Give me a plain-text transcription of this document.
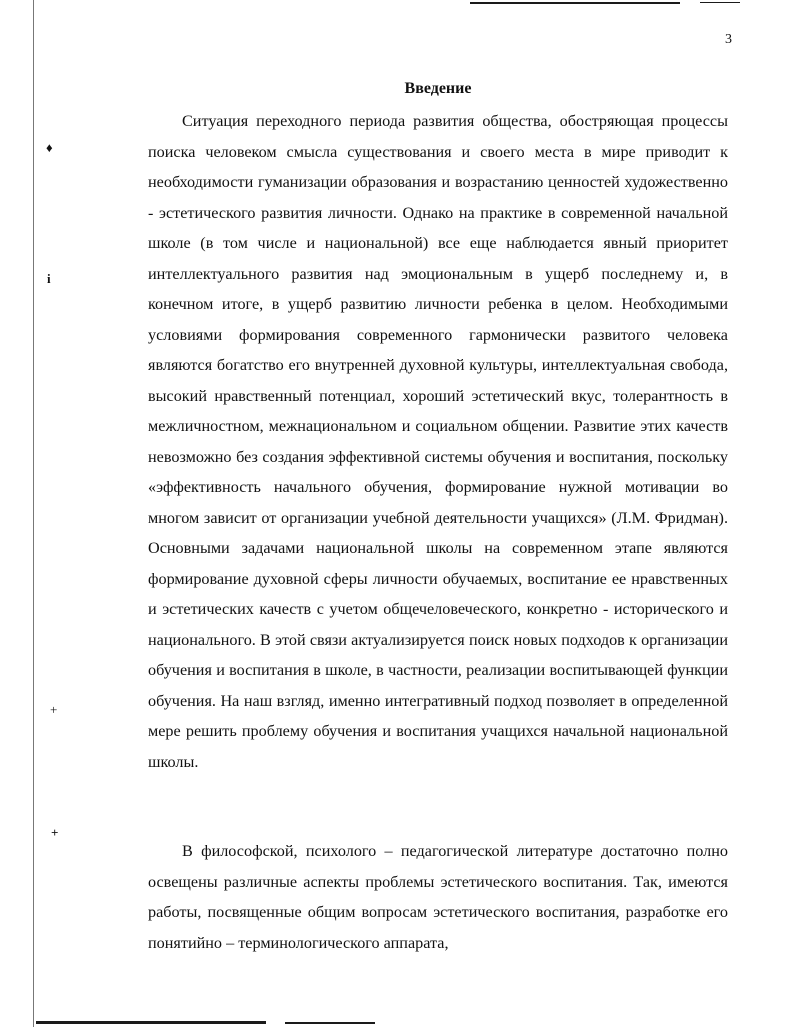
♦
i
+
+
3
Введение

Ситуация переходного периода развития общества, обостряющая процессы поиска человеком смысла существования и своего места в мире приводит к необходимости гуманизации образования и возрастанию ценностей художественно - эстетического развития личности. Однако на практике в современной начальной школе (в том числе и национальной) все еще наблюдается явный приоритет интеллектуального развития над эмоциональным в ущерб последнему и, в конечном итоге, в ущерб развитию личности ребенка в целом. Необходимыми условиями формирования современного гармонически развитого человека являются богатство его внутренней духовной культуры, интеллектуальная свобода, высокий нравственный потенциал, хороший эстетический вкус, толерантность в межличностном, межнациональном и социальном общении. Развитие этих качеств невозможно без создания эффективной системы обучения и воспитания, поскольку «эффективность начального обучения, формирование нужной мотивации во многом зависит от организации учебной деятельности учащихся» (Л.М. Фридман). Основными задачами национальной школы на современном этапе являются формирование духовной сферы личности обучаемых, воспитание ее нравственных и эстетических качеств с учетом общечеловеческого, конкретно - исторического и национального. В этой связи актуализируется поиск новых подходов к организации обучения и воспитания в школе, в частности, реализации воспитывающей функции обучения. На наш взгляд, именно интегративный подход позволяет в определенной мере решить проблему обучения и воспитания учащихся начальной национальной школы.

В философской, психолого – педагогической литературе достаточно полно освещены различные аспекты проблемы эстетического воспитания. Так, имеются работы, посвященные общим вопросам эстетического воспитания, разработке его понятийно – терминологического аппарата,
